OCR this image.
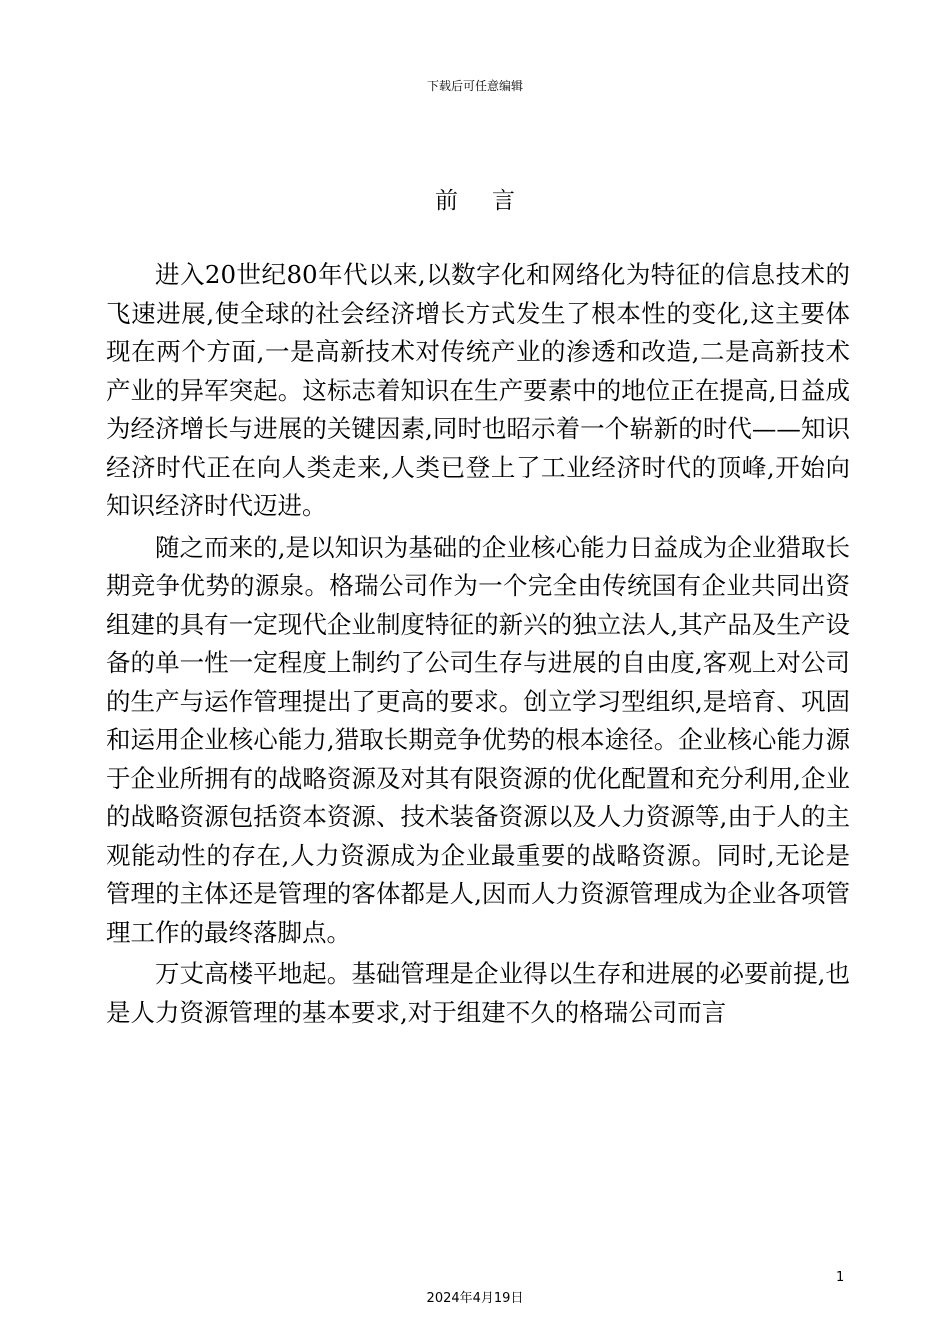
下载后可任意编辑
前言

进入20世纪80年代以来,以数字化和网络化为特征的信息技术的飞速进展,使全球的社会经济增长方式发生了根本性的变化,这主要体现在两个方面,一是高新技术对传统产业的渗透和改造,二是高新技术产业的异军突起。这标志着知识在生产要素中的地位正在提高,日益成为经济增长与进展的关键因素,同时也昭示着一个崭新的时代——知识经济时代正在向人类走来,人类已登上了工业经济时代的顶峰,开始向知识经济时代迈进。

随之而来的,是以知识为基础的企业核心能力日益成为企业猎取长期竞争优势的源泉。格瑞公司作为一个完全由传统国有企业共同出资组建的具有一定现代企业制度特征的新兴的独立法人,其产品及生产设备的单一性一定程度上制约了公司生存与进展的自由度,客观上对公司的生产与运作管理提出了更高的要求。创立学习型组织,是培育、巩固和运用企业核心能力,猎取长期竞争优势的根本途径。企业核心能力源于企业所拥有的战略资源及对其有限资源的优化配置和充分利用,企业的战略资源包括资本资源、技术装备资源以及人力资源等,由于人的主观能动性的存在,人力资源成为企业最重要的战略资源。同时,无论是管理的主体还是管理的客体都是人,因而人力资源管理成为企业各项管理工作的最终落脚点。

万丈高楼平地起。基础管理是企业得以生存和进展的必要前提,也是人力资源管理的基本要求,对于组建不久的格瑞公司而言

1
2024年4月19日
